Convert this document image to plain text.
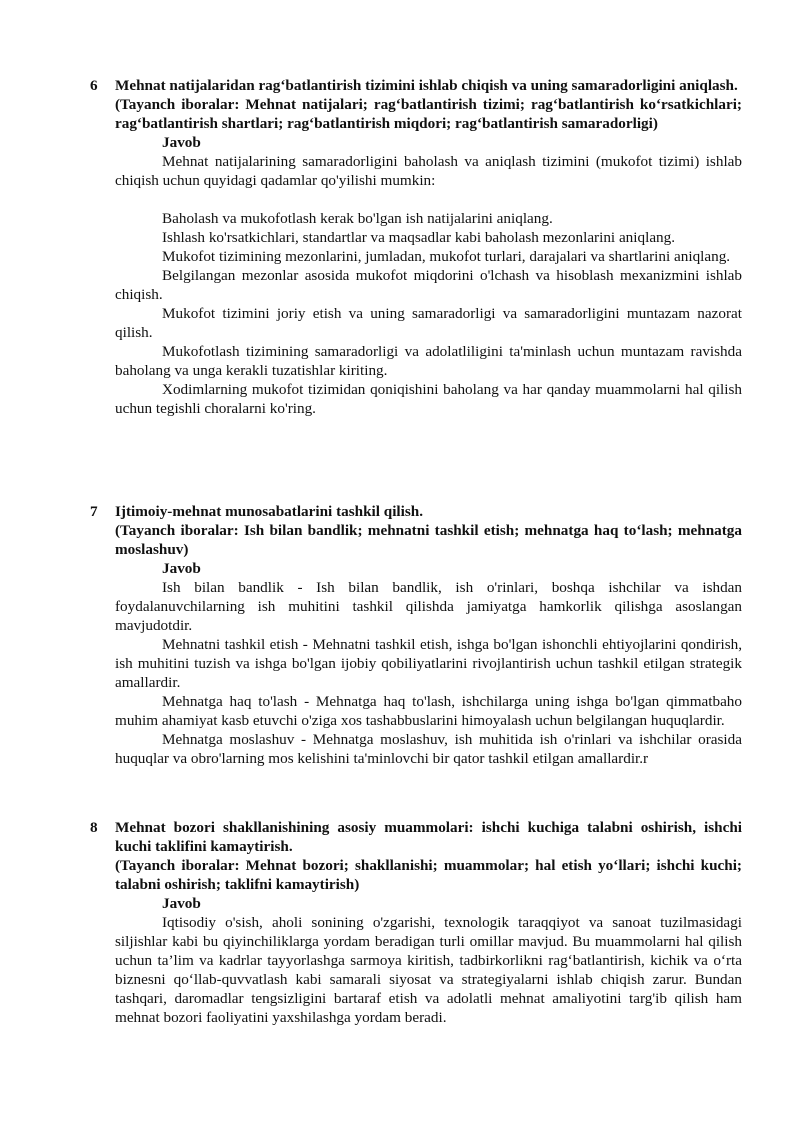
6 Mehnat natijalaridan rag‘batlantirish tizimini ishlab chiqish va uning samaradorligini aniqlash.
(Tayanch iboralar: Mehnat natijalari; rag‘batlantirish tizimi; rag‘batlantirish ko‘rsatkichlari; rag‘batlantirish shartlari; rag‘batlantirish miqdori; rag‘batlantirish samaradorligi)
Javob
Mehnat natijalarining samaradorligini baholash va aniqlash tizimini (mukofot tizimi) ishlab chiqish uchun quyidagi qadamlar qo'yilishi mumkin:
Baholash va mukofotlash kerak bo'lgan ish natijalarini aniqlang.
Ishlash ko'rsatkichlari, standartlar va maqsadlar kabi baholash mezonlarini aniqlang.
Mukofot tizimining mezonlarini, jumladan, mukofot turlari, darajalari va shartlarini aniqlang.
Belgilangan mezonlar asosida mukofot miqdorini o'lchash va hisoblash mexanizmini ishlab chiqish.
Mukofot tizimini joriy etish va uning samaradorligi va samaradorligini muntazam nazorat qilish.
Mukofotlash tizimining samaradorligi va adolatliligini ta'minlash uchun muntazam ravishda baholang va unga kerakli tuzatishlar kiriting.
Xodimlarning mukofot tizimidan qoniqishini baholang va har qanday muammolarni hal qilish uchun tegishli choralarni ko'ring.
7 Ijtimoiy-mehnat munosabatlarini tashkil qilish.
(Tayanch iboralar: Ish bilan bandlik; mehnatni tashkil etish; mehnatga haq to‘lash; mehnatga moslashuv)
Javob
Ish bilan bandlik - Ish bilan bandlik, ish o'rinlari, boshqa ishchilar va ishdan foydalanuvchilarning ish muhitini tashkil qilishda jamiyatga hamkorlik qilishga asoslangan mavjudotdir.
Mehnatni tashkil etish - Mehnatni tashkil etish, ishga bo'lgan ishonchli ehtiyojlarini qondirish, ish muhitini tuzish va ishga bo'lgan ijobiy qobiliyatlarini rivojlantirish uchun tashkil etilgan strategik amallardir.
Mehnatga haq to'lash - Mehnatga haq to'lash, ishchilarga uning ishga bo'lgan qimmatbaho muhim ahamiyat kasb etuvchi o'ziga xos tashabbuslarini himoyalash uchun belgilangan huquqlardir.
Mehnatga moslashuv - Mehnatga moslashuv, ish muhitida ish o'rinlari va ishchilar orasida huquqlar va obro'larning mos kelishini ta'minlovchi bir qator tashkil etilgan amallardir.r
8 Mehnat bozori shakllanishining asosiy muammolari: ishchi kuchiga talabni oshirish, ishchi kuchi taklifini kamaytirish.
(Tayanch iboralar: Mehnat bozori; shakllanishi; muammolar; hal etish yo‘llari; ishchi kuchi; talabni oshirish; taklifni kamaytirish)
Javob
Iqtisodiy o'sish, aholi sonining o'zgarishi, texnologik taraqqiyot va sanoat tuzilmasidagi siljishlar kabi bu qiyinchiliklarga yordam beradigan turli omillar mavjud. Bu muammolarni hal qilish uchun ta’lim va kadrlar tayyorlashga sarmoya kiritish, tadbirkorlikni rag‘batlantirish, kichik va o‘rta biznesni qo‘llab-quvvatlash kabi samarali siyosat va strategiyalarni ishlab chiqish zarur. Bundan tashqari, daromadlar tengsizligini bartaraf etish va adolatli mehnat amaliyotini targ'ib qilish ham mehnat bozori faoliyatini yaxshilashga yordam beradi.
